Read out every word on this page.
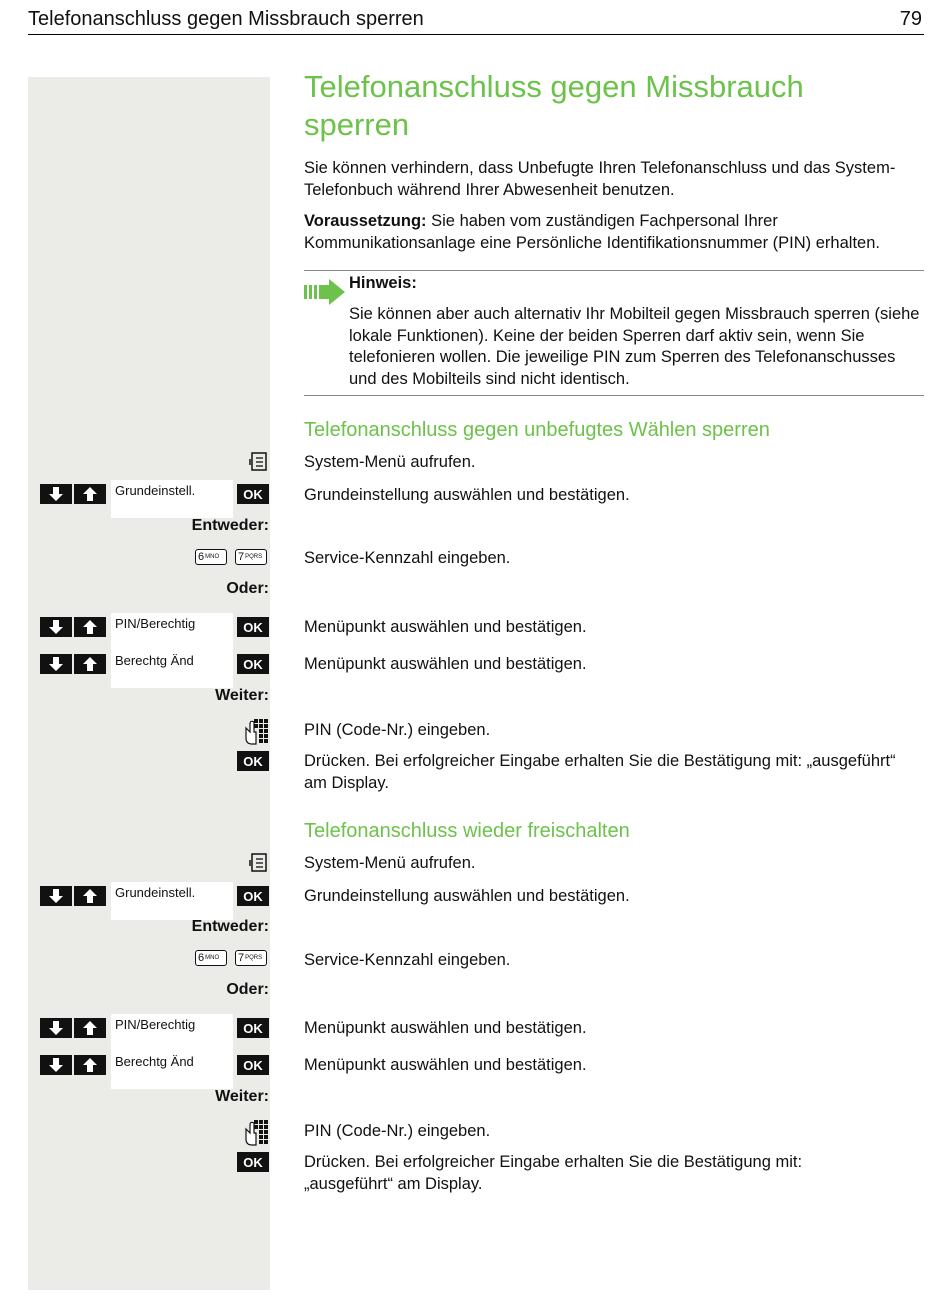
Telefonanschluss gegen Missbrauch sperren	79
Telefonanschluss gegen Missbrauch sperren
Sie können verhindern, dass Unbefugte Ihren Telefonanschluss und das System-Telefonbuch während Ihrer Abwesenheit benutzen.
Voraussetzung: Sie haben vom zuständigen Fachpersonal Ihrer Kommunikationsanlage eine Persönliche Identifikationsnummer (PIN) erhalten.
Hinweis:
Sie können aber auch alternativ Ihr Mobilteil gegen Missbrauch sperren (siehe lokale Funktionen). Keine der beiden Sperren darf aktiv sein, wenn Sie telefonieren wollen. Die jeweilige PIN zum Sperren des Telefonanschusses und des Mobilteils sind nicht identisch.
Telefonanschluss gegen unbefugtes Wählen sperren
System-Menü aufrufen.
Grundeinstell.	OK	Grundeinstellung auswählen und bestätigen.
Entweder:
6 MNO 7 PQRS	Service-Kennzahl eingeben.
Oder:
PIN/Berechtig	OK	Menüpunkt auswählen und bestätigen.
Berechtg Änd	OK	Menüpunkt auswählen und bestätigen.
Weiter:
PIN (Code-Nr.) eingeben.
OK	Drücken. Bei erfolgreicher Eingabe erhalten Sie die Bestätigung mit: „ausgeführt“ am Display.
Telefonanschluss wieder freischalten
System-Menü aufrufen.
Grundeinstell.	OK	Grundeinstellung auswählen und bestätigen.
Entweder:
6 MNO 7 PQRS	Service-Kennzahl eingeben.
Oder:
PIN/Berechtig	OK	Menüpunkt auswählen und bestätigen.
Berechtg Änd	OK	Menüpunkt auswählen und bestätigen.
Weiter:
PIN (Code-Nr.) eingeben.
OK	Drücken. Bei erfolgreicher Eingabe erhalten Sie die Bestätigung mit: „ausgeführt“ am Display.
